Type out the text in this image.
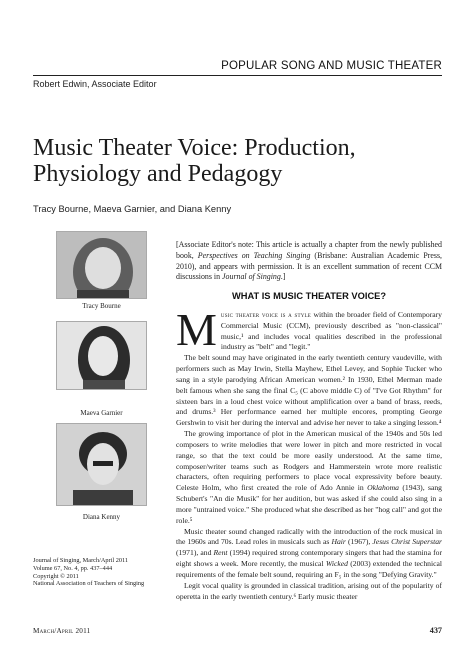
POPULAR SONG AND MUSIC THEATER
Robert Edwin, Associate Editor
Music Theater Voice: Production,
Physiology and Pedagogy
Tracy Bourne, Maeva Garnier, and Diana Kenny
Tracy Bourne
Maeva Garnier
Diana Kenny
Journal of Singing, March/April 2011
Volume 67, No. 4, pp. 437–444
Copyright © 2011
National Association of Teachers of Singing
[Associate Editor's note: This article is actually a chapter from the newly published book, Perspectives on Teaching Singing (Brisbane: Australian Academic Press, 2010), and appears with permission. It is an excellent summation of recent CCM discussions in Journal of Singing.]
WHAT IS MUSIC THEATER VOICE?

Music theater voice is a style within the broader field of Contemporary Commercial Music (CCM), previously described as "non-classical" music,¹ and includes vocal qualities described in the professional industry as "belt" and "legit."

The belt sound may have originated in the early twentieth century vaudeville, with performers such as May Irwin, Stella Mayhew, Ethel Levey, and Sophie Tucker who sang in a style parodying African American women.² In 1930, Ethel Merman made belt famous when she sang the final C₅ (C above middle C) of "I've Got Rhythm" for sixteen bars in a loud chest voice without amplification over a band of brass, reeds, and drums.³ Her performance earned her multiple encores, prompting George Gershwin to visit her during the interval and advise her never to take a singing lesson.⁴

The growing importance of plot in the American musical of the 1940s and 50s led composers to write melodies that were lower in pitch and more restricted in vocal range, so that the text could be more easily understood. At the same time, composer/writer teams such as Rodgers and Hammerstein wrote more realistic characters, often requiring performers to place vocal expressivity before beauty. Celeste Holm, who first created the role of Ado Annie in Oklahoma (1943), sang Schubert's "An die Musik" for her audition, but was asked if she could also sing in a more "untrained voice." She produced what she described as her "hog call" and got the role.⁵

Music theater sound changed radically with the introduction of the rock musical in the 1960s and 70s. Lead roles in musicals such as Hair (1967), Jesus Christ Superstar (1971), and Rent (1994) required strong contemporary singers that had the stamina for eight shows a week. More recently, the musical Wicked (2003) extended the technical requirements of the female belt sound, requiring an F₅ in the song "Defying Gravity."

Legit vocal quality is grounded in classical tradition, arising out of the popularity of operetta in the early twentieth century.⁶ Early music theater

March/April 2011	437
